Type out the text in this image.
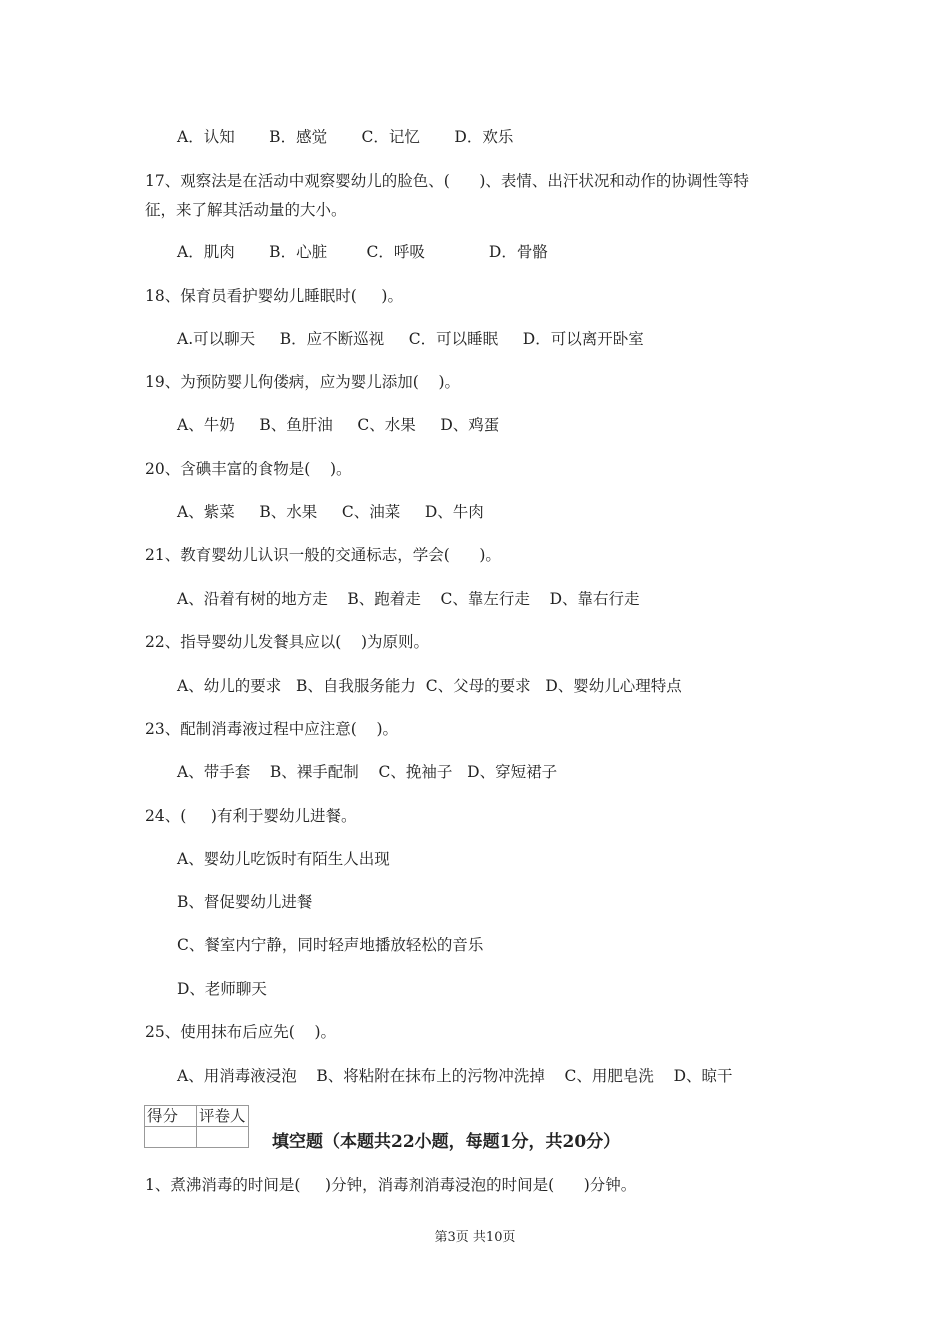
A．认知       B．感觉       C．记忆       D．欢乐
17、观察法是在活动中观察婴幼儿的脸色、(      )、表情、出汗状况和动作的协调性等特
征，来了解其活动量的大小。
A．肌肉       B．心脏        C．呼吸             D．骨骼
18、保育员看护婴幼儿睡眠时(     )。
A.可以聊天     B．应不断巡视     C．可以睡眠     D．可以离开卧室
19、为预防婴儿佝偻病，应为婴儿添加(    )。
A、牛奶     B、鱼肝油     C、水果     D、鸡蛋
20、含碘丰富的食物是(    )。
A、紫菜     B、水果     C、油菜     D、牛肉
21、教育婴幼儿认识一般的交通标志，学会(      )。
A、沿着有树的地方走    B、跑着走    C、靠左行走    D、靠右行走
22、指导婴幼儿发餐具应以(    )为原则。
A、幼儿的要求   B、自我服务能力  C、父母的要求   D、婴幼儿心理特点
23、配制消毒液过程中应注意(    )。
A、带手套    B、裸手配制    C、挽袖子   D、穿短裙子
24、(     )有利于婴幼儿进餐。
A、婴幼儿吃饭时有陌生人出现
B、督促婴幼儿进餐
C、餐室内宁静，同时轻声地播放轻松的音乐
D、老师聊天
25、使用抹布后应先(    )。
A、用消毒液浸泡    B、将粘附在抹布上的污物冲洗掉    C、用肥皂洗    D、晾干
得分	评卷人

填空题（本题共22小题，每题1分，共20分）
1、煮沸消毒的时间是(     )分钟，消毒剂消毒浸泡的时间是(      )分钟。
第3页 共10页
